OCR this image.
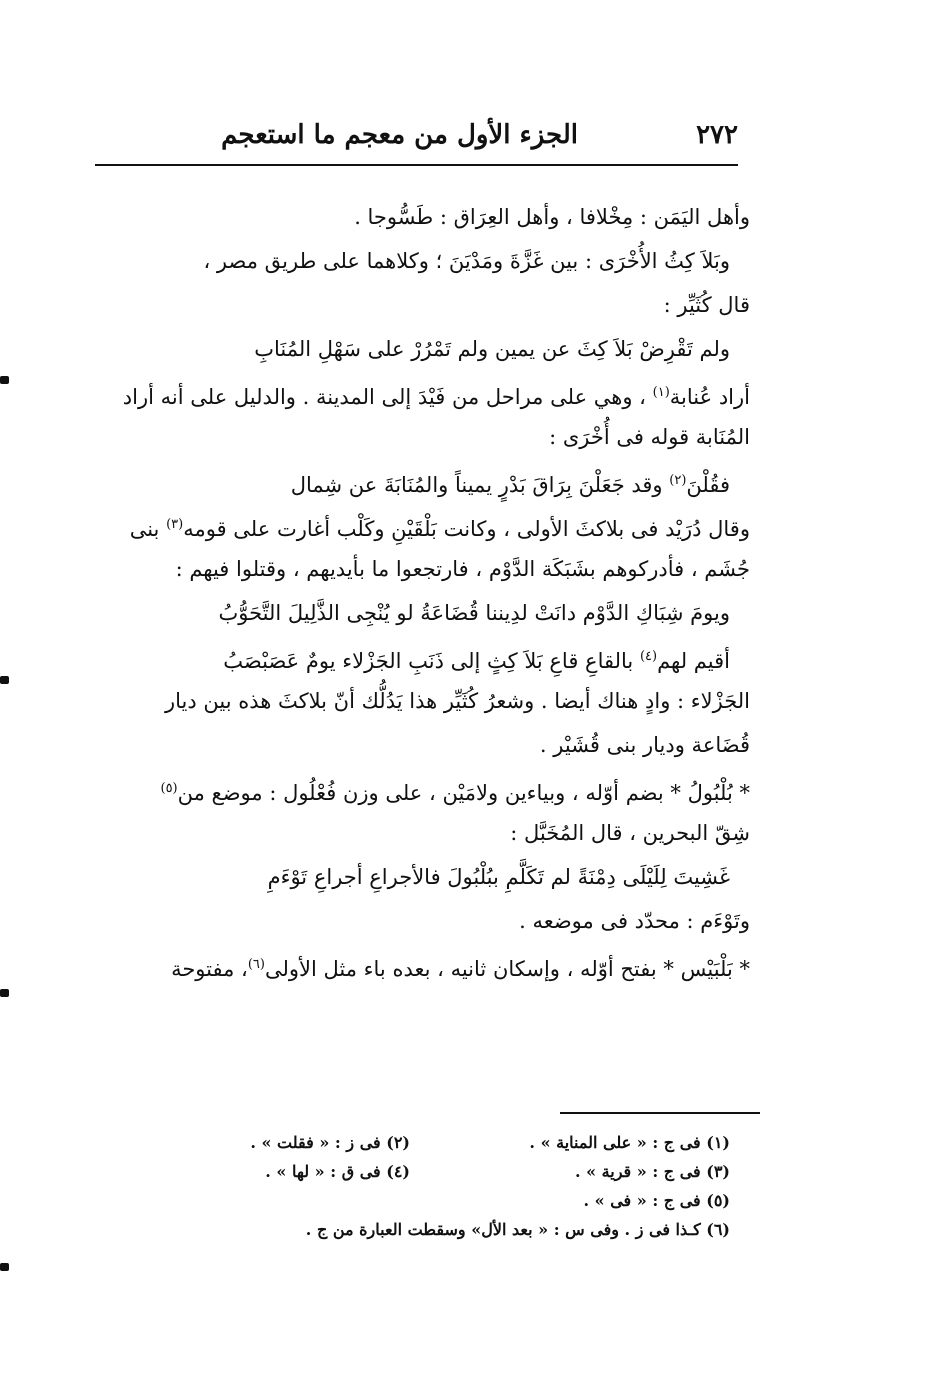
٢٧٢
الجزء الأول من معجم ما استعجم
وأهل اليَمَن : مِخْلافا ، وأهل العِرَاق : طَسُّوجا .
وبَلاَ كِثُ الأُخْرَى : بين غَزَّةَ ومَدْيَنَ ؛ وكلاهما على طريق مصر ،
قال كُثَيِّر :
ولم تَقْرِضْ بَلاَ كِثَ عن يمين ولم تَمْرُرْ على سَهْلِ المُنَابِ
أراد عُنابة$^{(١)}$ ، وهي على مراحل من فَيْدَ إلى المدينة . والدليل على أنه أراد
المُنَابة قوله فى أُخْرَى :
فقُلْنَ$^{(٢)}$ وقد جَعَلْنَ بِرَاقَ بَدْرٍ يميناً والمُنَابَةَ عن شِمال
وقال دُرَيْد فى بلاكثَ الأولى ، وكانت بَلْقَيْنِ وكَلْب أغارت على قومه$^{(٣)}$ بنى
جُشَم ، فأدركوهم بشَبَكَة الدَّوْم ، فارتجعوا ما بأيديهم ، وقتلوا فيهم :
ويومَ شِبَاكِ الدَّوْم دانَتْ لدِيننا قُضَاعَةُ لو يُنْجِى الذَّلِيلَ التَّحَوُّبُ
أقيم لهم$^{(٤)}$ بالقاعِ قاعِ بَلاَ كِثٍ إلى ذَنَبِ الجَزْلاء يومٌ عَصَبْصَبُ
الجَزْلاء : وادٍ هناك أيضا . وشعرُ كُثَيِّر هذا يَدُلُّك أنّ بلاكثَ هذه بين ديار
قُضَاعة وديار بنى قُشَيْر .
* بُلْبُولُ * بضم أوّله ، وبياءين ولامَيْن ، على وزن فُعْلُول : موضع من$^{(٥)}$
شِقّ البحرين ، قال المُخَبَّل :
غَشِيتَ لِلَيْلَى دِمْنَةً لم تَكَلَّمِ ببُلْبُولَ فالأجراعِ أجراعِ تَوْءَمِ
وتَوْءَم : محدّد فى موضعه .
* بَلْبَيْس * بفتح أوّله ، وإسكان ثانيه ، بعده باء مثل الأولى$^{(٦)}$، مفتوحة
(١) فى ج : « على المناية » .
(٢) فى ز : « فقلت » .
(٣) فى ج : « قرية » .
(٤) فى ق : « لها » .
(٥) فى ج : « فى » .
(٦) كـذا فى ز . وفى س : « بعد الأل» وسقطت العبارة من ج .
